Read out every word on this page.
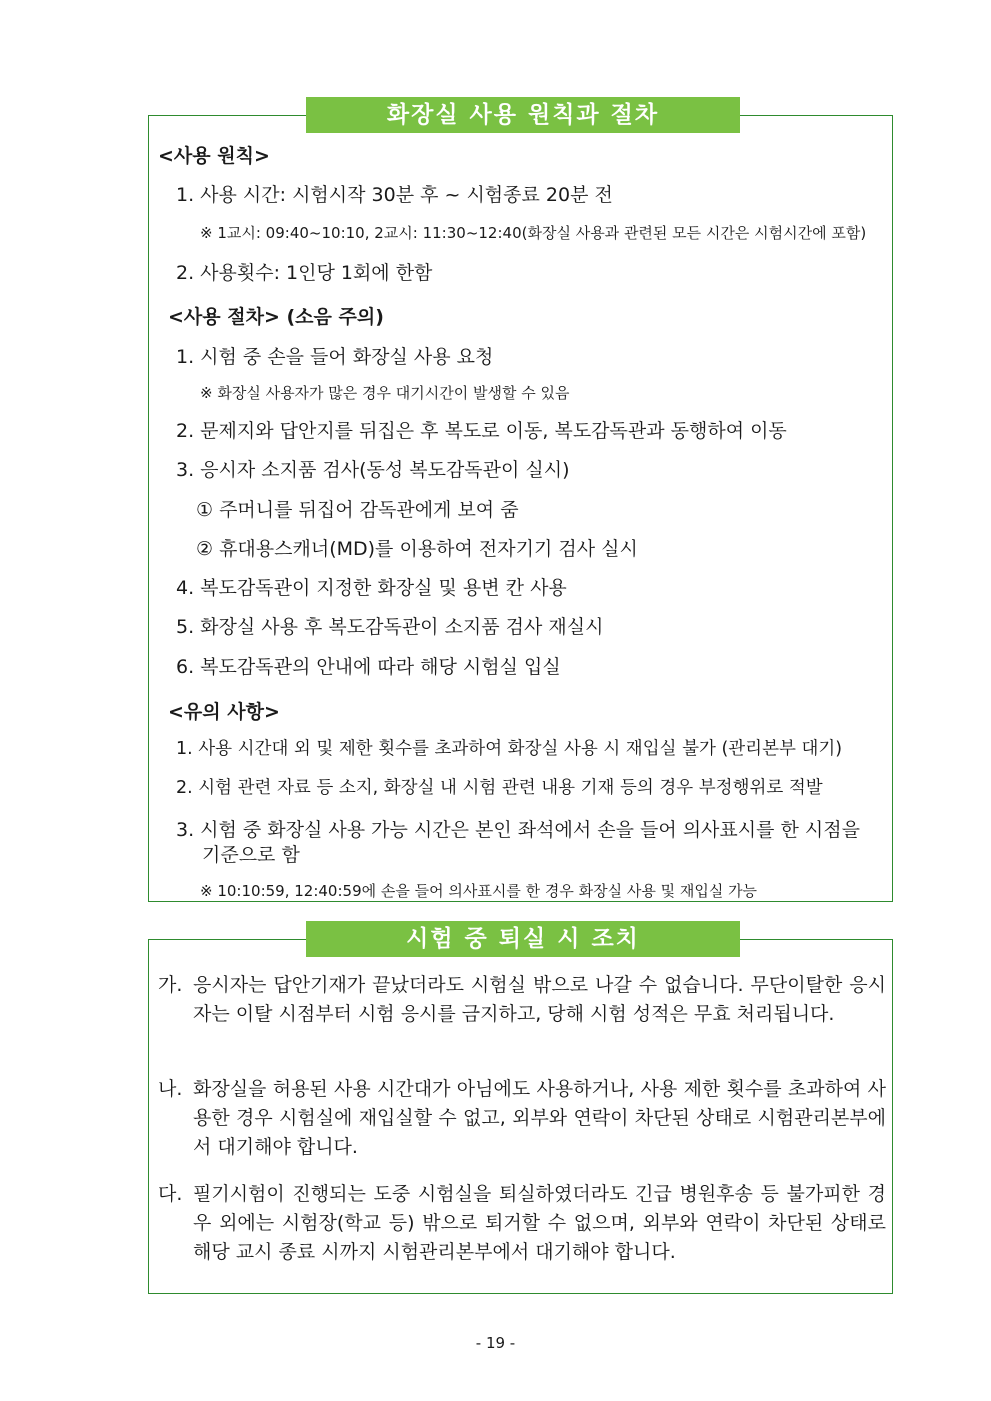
화장실 사용 원칙과 절차
<사용 원칙>
1. 사용 시간: 시험시작 30분 후 ~ 시험종료 20분 전
※ 1교시: 09:40~10:10, 2교시: 11:30~12:40(화장실 사용과 관련된 모든 시간은 시험시간에 포함)
2. 사용횟수: 1인당 1회에 한함
<사용 절차> (소음 주의)
1. 시험 중 손을 들어 화장실 사용 요청
※ 화장실 사용자가 많은 경우 대기시간이 발생할 수 있음
2. 문제지와 답안지를 뒤집은 후 복도로 이동, 복도감독관과 동행하여 이동
3. 응시자 소지품 검사(동성 복도감독관이 실시)
① 주머니를 뒤집어 감독관에게 보여 줌
② 휴대용스캐너(MD)를 이용하여 전자기기 검사 실시
4. 복도감독관이 지정한 화장실 및 용변 칸 사용
5. 화장실 사용 후 복도감독관이 소지품 검사 재실시
6. 복도감독관의 안내에 따라 해당 시험실 입실
<유의 사항>
1. 사용 시간대 외 및 제한 횟수를 초과하여 화장실 사용 시 재입실 불가 (관리본부 대기)
2. 시험 관련 자료 등 소지, 화장실 내 시험 관련 내용 기재 등의 경우 부정행위로 적발
3. 시험 중 화장실 사용 가능 시간은 본인 좌석에서 손을 들어 의사표시를 한 시점을
기준으로 함
※ 10:10:59, 12:40:59에 손을 들어 의사표시를 한 경우 화장실 사용 및 재입실 가능
시험 중 퇴실 시 조치
가. 응시자는 답안기재가 끝났더라도 시험실 밖으로 나갈 수 없습니다. 무단이탈한 응시자는 이탈 시점부터 시험 응시를 금지하고, 당해 시험 성적은 무효 처리됩니다.
나. 화장실을 허용된 사용 시간대가 아님에도 사용하거나, 사용 제한 횟수를 초과하여 사용한 경우 시험실에 재입실할 수 없고, 외부와 연락이 차단된 상태로 시험관리본부에서 대기해야 합니다.
다. 필기시험이 진행되는 도중 시험실을 퇴실하였더라도 긴급 병원후송 등 불가피한 경우 외에는 시험장(학교 등) 밖으로 퇴거할 수 없으며, 외부와 연락이 차단된 상태로 해당 교시 종료 시까지 시험관리본부에서 대기해야 합니다.
- 19 -
